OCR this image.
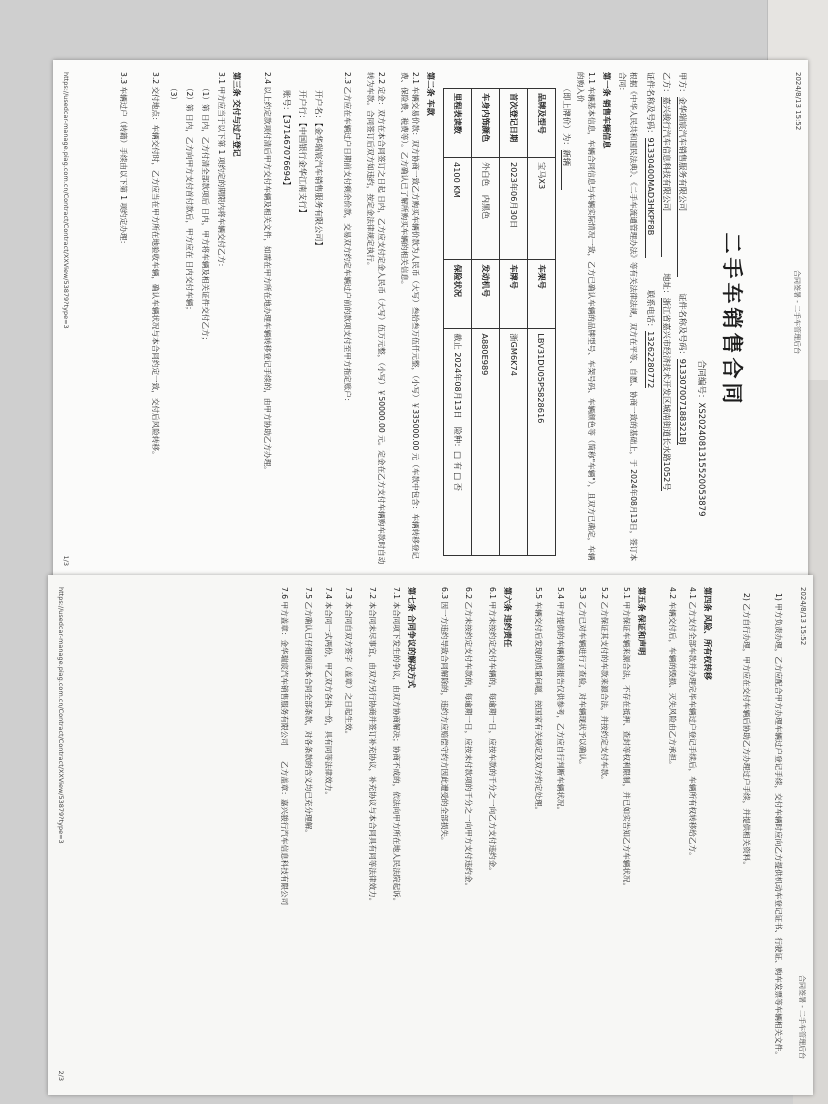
2024/8/13 15:52
合同签署 - 二手车管理后台
二手车销售合同
合同编号：XS2024081315520053879
甲方：金华瑞宸汽车销售服务有限公司 证件名称及号码：913307007188321BJ
乙方：嘉兴骏行汽车信息科技有限公司 地址：浙江省嘉兴市经济技术开发区城南街道长水路1052号
证件名称及号码：91330400MAD3HKPF8B 联系电话：13262280772
根据《中华人民共和国民法典》、《二手车流通管理办法》等有关法律法规，双方在平等、自愿、协商一致的基础上，于 2024年08月13日，签订本合同：
第一条 销售车辆信息
1.1 车辆基本信息，车辆合同信息与车辆实际情况一致，乙方已确认车辆的品牌型号、车架号码、车辆颜色等（简称"车辆"），且双方已确定，车辆的购入价
（即上牌价）为：新辆
品牌及型号	宝马X3	车架号	LBV31DU05PS828616
首次登记日期	2023年06月30日	车牌号	浙GM6K74
车身内饰颜色	外白色　内黑色	发动机号	A880E989
里程表读数	4100 KM	保险状况	截止 2024年08月13日　险种：□ 有 □ 否
第二条 车款
2.1 车辆交易价款：双方协商一致乙方购买车辆价款为人民币（大写）叁拾叁万伍仟元整，（小写）￥335000.00 元（车款中包含：车辆转移登记费、保险费、税费等）。乙方确认已了解所购买车辆的相关信息。
2.2 定金：双方在本合同签订之日起 日内，乙方应支付定金人民币（大写）伍万元整，（小写）￥50000.00 元。定金在乙方支付车辆购车款时自动转为车款。合同签订后双方如违约，按定金法律规定执行。
2.3 乙方应在车辆过户日期前支付剩余价款，交易双方约定车辆过户前的款项支付至甲方指定账户：
开户名：【金华瑞宸汽车销售服务有限公司】
开户行：【中国银行金华江南支行】
账号：【371467076694】
2.4 以上约定款项付清后甲方交付车辆及相关文件，如需在甲方所在地办理车辆转移登记手续的，由甲方协助乙方办理。
第三条 交付与过户登记
3.1 甲方应当于以下第 1 项约定的期限内将车辆交付乙方：
（1）第 日内，乙方付清全部款项后 日内，甲方将车辆及相关证件交付乙方；
（2）第 日内，乙方向甲方支付首付款后，甲方应在 日内交付车辆；
（3）
3.2 交付地点：车辆交付时，乙方应当在甲方所在地验收车辆，确认车辆状况与本合同约定一致，交付后风险转移。
3.3 车辆过户（转籍）手续由以下第 1 项约定办理：
https://usedcar-manage.piag.com.cn/Contract/Contract/XXView/53879?type=3
1/3
2024/8/13 15:52
合同签署 - 二手车管理后台
1) 甲方负责办理，乙方应配合甲方办理车辆过户登记手续，交付车辆时应向乙方提供机动车登记证书、行驶证、购车发票等车辆相关文件。
2) 乙方自行办理，甲方应在交付车辆后协助乙方办理过户手续，并提供相关资料。
第四条 风险、所有权转移
4.1 乙方支付全部车款并办理完毕车辆过户登记手续后，车辆所有权转移给乙方。
4.2 车辆交付后，车辆的毁损、灭失风险由乙方承担。
第五条 保证和声明
5.1 甲方保证车辆来源合法，不存在抵押、查封等权利限制，并已如实告知乙方车辆状况。
5.2 乙方保证其支付的车款来源合法，并按约定支付车款。
5.3 乙方已对车辆进行了查验，对车辆现状予以确认。
5.4 甲方提供的车辆检测报告仅供参考，乙方应自行判断车辆状况。
5.5 车辆交付后发现的质量问题，按国家有关规定及双方约定处理。
第六条 违约责任
6.1 甲方未按约定交付车辆的，每逾期一日，应按车款的千分之一向乙方支付违约金。
6.2 乙方未按约定支付车款的，每逾期一日，应按未付款项的千分之一向甲方支付违约金。
6.3 因一方违约导致合同解除的，违约方应赔偿守约方因此遭受的全部损失。
第七条 合同争议的解决方式
7.1 本合同项下发生的争议，由双方协商解决；协商不成的，依法向甲方所在地人民法院起诉。
7.2 本合同未尽事宜，由双方另行协商并签订补充协议，补充协议与本合同具有同等法律效力。
7.3 本合同自双方签字（盖章）之日起生效。
7.4 本合同一式两份，甲乙双方各执一份，具有同等法律效力。
7.5 乙方确认已仔细阅读本合同全部条款，对各条款的含义均已充分理解。
7.6 甲方盖章：金华瑞宸汽车销售服务有限公司　　乙方盖章：嘉兴骏行汽车信息科技有限公司
https://usedcar-manage.piag.com.cn/Contract/Contract/XXView/53879?type=3
2/3
